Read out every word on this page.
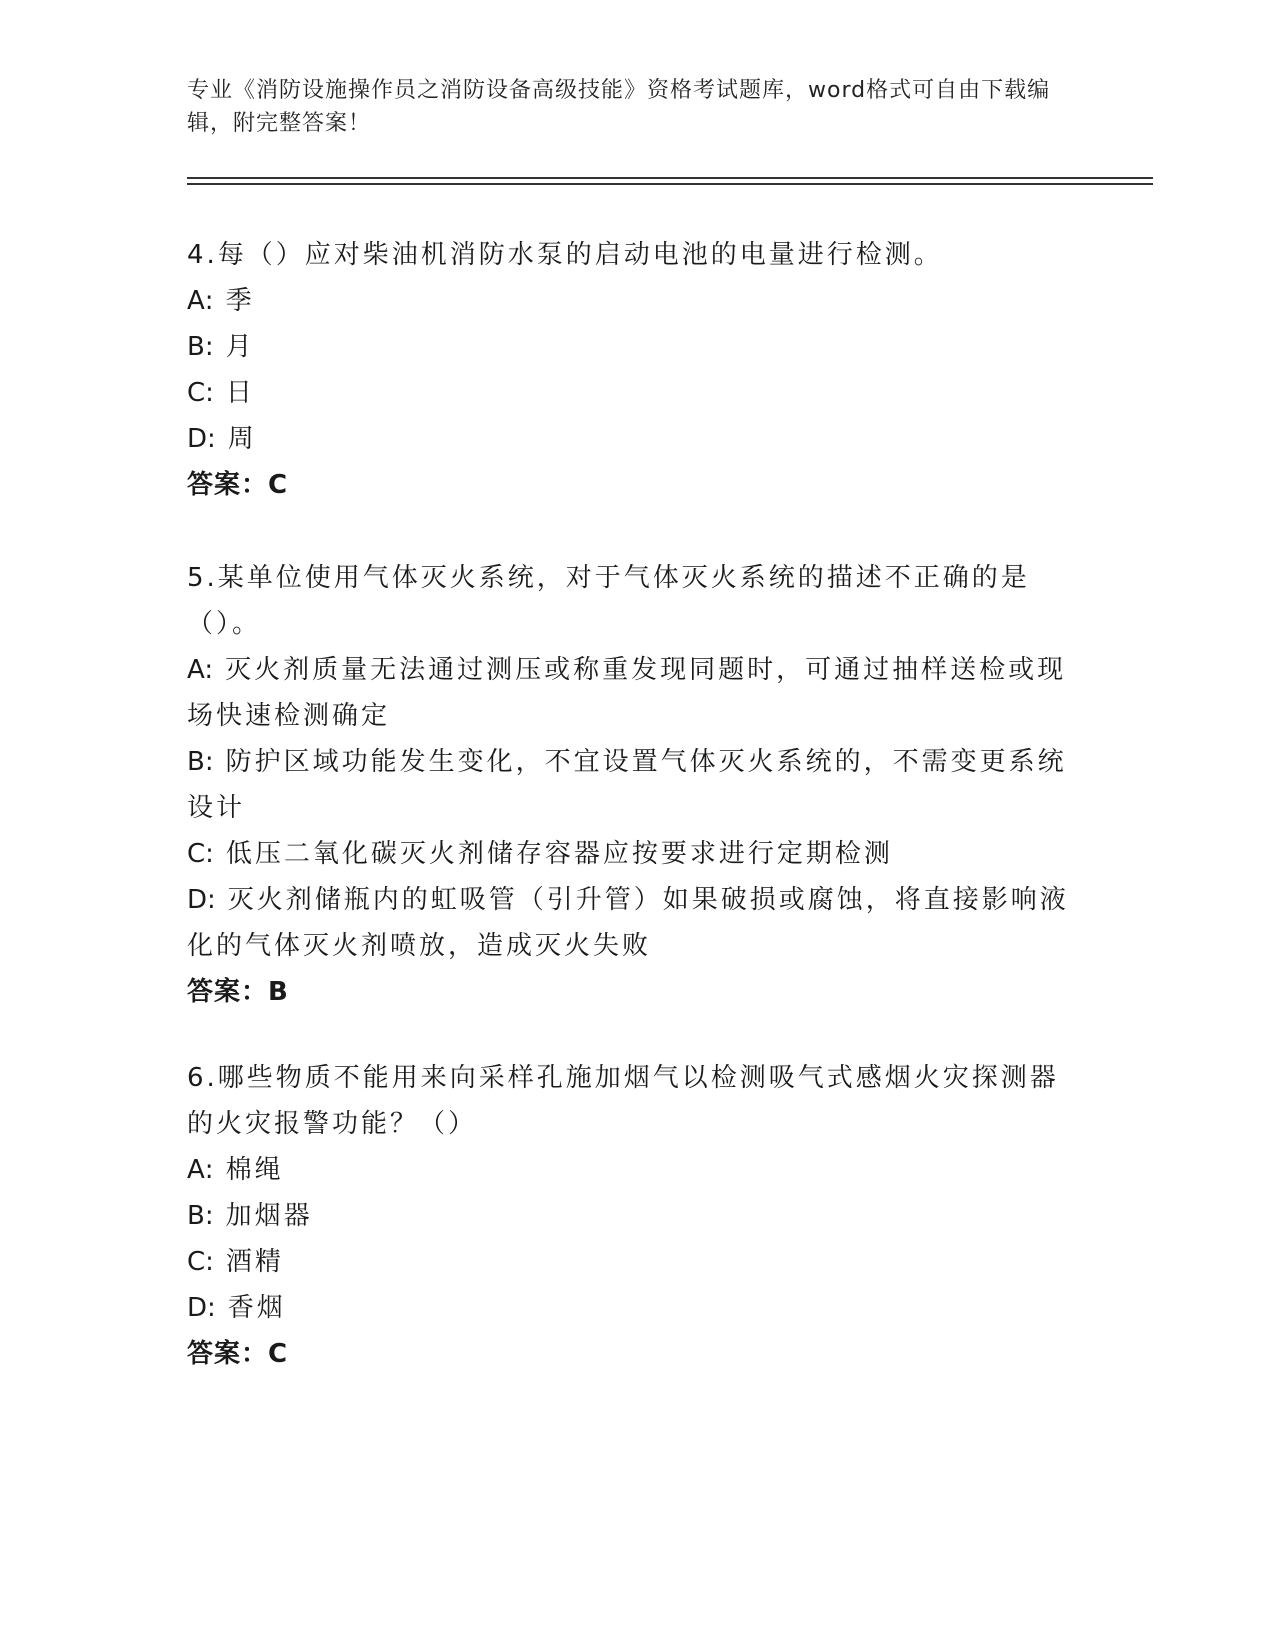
专业《消防设施操作员之消防设备高级技能》资格考试题库，word格式可自由下载编辑，附完整答案！
4.每（）应对柴油机消防水泵的启动电池的电量进行检测。
A : 季
B : 月
C : 日
D : 周
答案：C
5.某单位使用气体灭火系统，对于气体灭火系统的描述不正确的是（）。
A: 灭火剂质量无法通过测压或称重发现同题时，可通过抽样送检或现场快速检测确定
B: 防护区域功能发生变化，不宜设置气体灭火系统的，不需变更系统设计
C: 低压二氧化碳灭火剂储存容器应按要求进行定期检测
D: 灭火剂储瓶内的虹吸管（引升管）如果破损或腐蚀，将直接影响液化的气体灭火剂喷放，造成灭火失败
答案：B
6.哪些物质不能用来向采样孔施加烟气以检测吸气式感烟火灾探测器的火灾报警功能？（）
A : 棉绳
B : 加烟器
C : 酒精
D : 香烟
答案：C
